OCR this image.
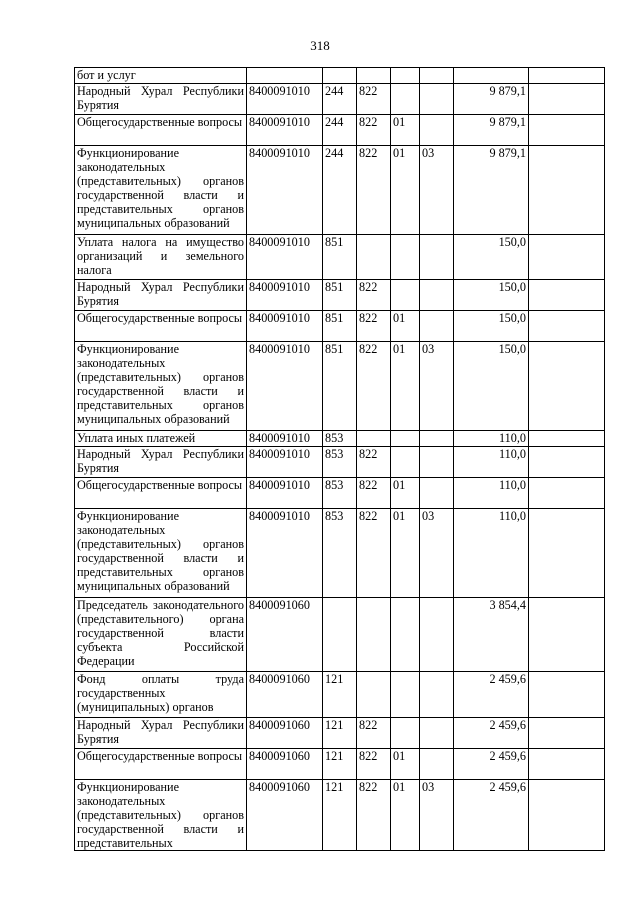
318
бот и услуг							
Народный Хурал Республики Бурятия	8400091010	244	822			9 879,1	
Общегосударственные вопросы	8400091010	244	822	01		9 879,1	
Функционирование законодательных (представительных) органов государственной власти и представительных органов муниципальных образований	8400091010	244	822	01	03	9 879,1	
Уплата налога на имущество организаций и земельного налога	8400091010	851				150,0	
Народный Хурал Республики Бурятия	8400091010	851	822			150,0	
Общегосударственные вопросы	8400091010	851	822	01		150,0	
Функционирование законодательных (представительных) органов государственной власти и представительных органов муниципальных образований	8400091010	851	822	01	03	150,0	
Уплата иных платежей	8400091010	853				110,0	
Народный Хурал Республики Бурятия	8400091010	853	822			110,0	
Общегосударственные вопросы	8400091010	853	822	01		110,0	
Функционирование законодательных (представительных) органов государственной власти и представительных органов муниципальных образований	8400091010	853	822	01	03	110,0	
Председатель законодательного (представительного) органа государственной власти субъекта Российской Федерации	8400091060					3 854,4	
Фонд оплаты труда государственных (муниципальных) органов	8400091060	121				2 459,6	
Народный Хурал Республики Бурятия	8400091060	121	822			2 459,6	
Общегосударственные вопросы	8400091060	121	822	01		2 459,6	
Функционирование законодательных (представительных) органов государственной власти и представительных	8400091060	121	822	01	03	2 459,6	
